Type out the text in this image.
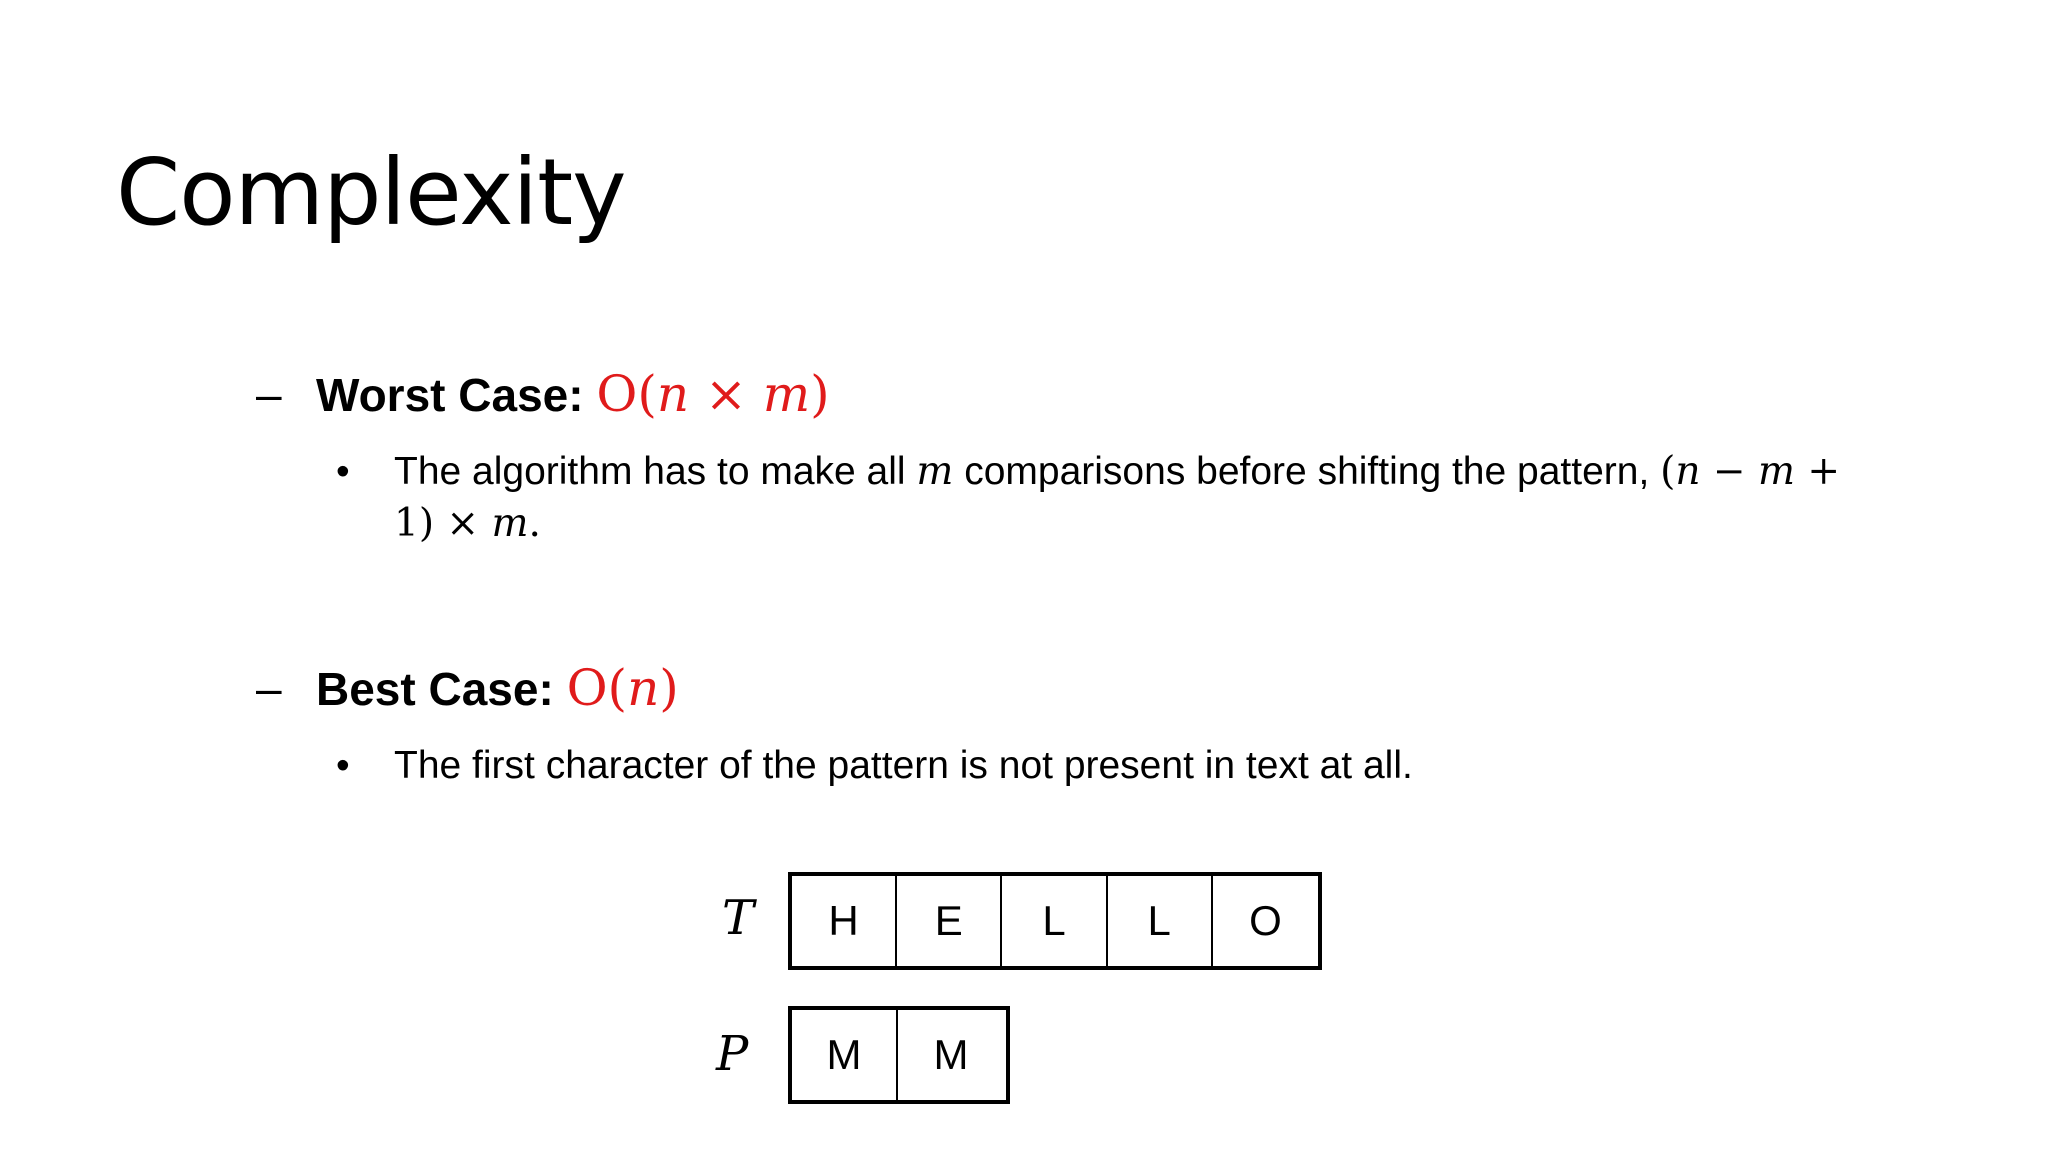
Complexity
– Worst Case: O(n × m)
• The algorithm has to make all m comparisons before shifting the pattern, (n − m +
1) × m.
– Best Case: O(n)
• The first character of the pattern is not present in text at all.
T	H	E	L	L	O
P	M	M
